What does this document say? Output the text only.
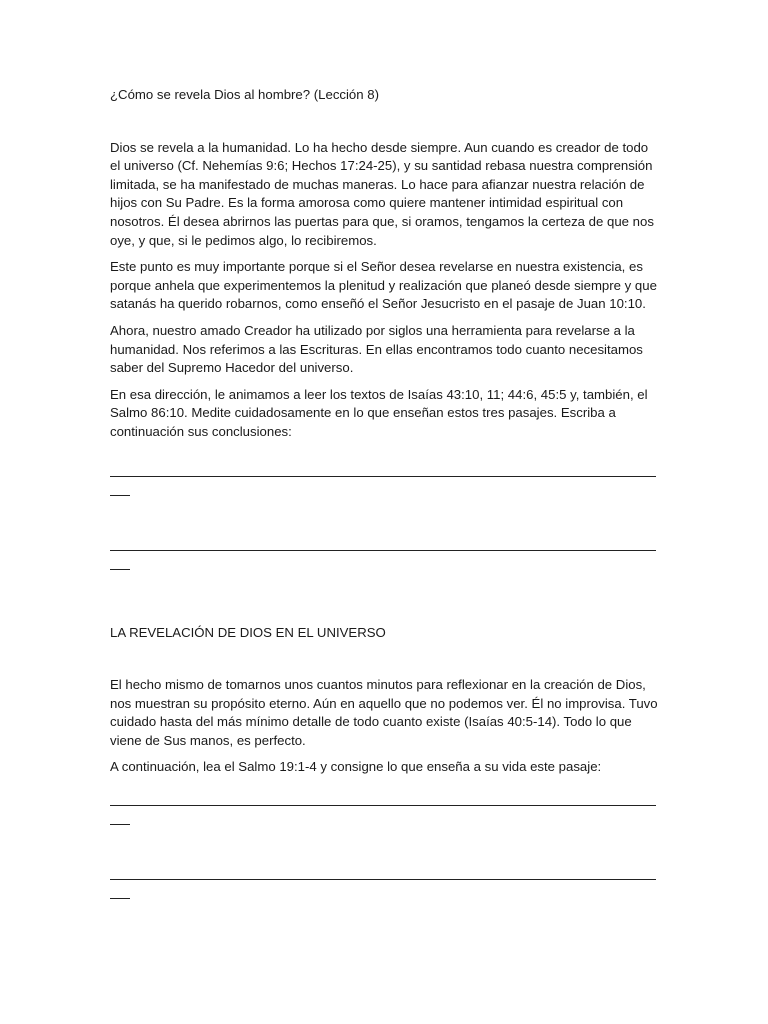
¿Cómo se revela Dios al hombre? (Lección 8)

Dios se revela a la humanidad. Lo ha hecho desde siempre. Aun cuando es creador de todo el universo (Cf. Nehemías 9:6; Hechos 17:24-25), y su santidad rebasa nuestra comprensión limitada, se ha manifestado de muchas maneras. Lo hace para afianzar nuestra relación de hijos con Su Padre. Es la forma amorosa como quiere mantener intimidad espiritual con nosotros. Él desea abrirnos las puertas para que, si oramos, tengamos la certeza de que nos oye, y que, si le pedimos algo, lo recibiremos.

Este punto es muy importante porque si el Señor desea revelarse en nuestra existencia, es porque anhela que experimentemos la plenitud y realización que planeó desde siempre y que satanás ha querido robarnos, como enseñó el Señor Jesucristo en el pasaje de Juan 10:10.

Ahora, nuestro amado Creador ha utilizado por siglos una herramienta para revelarse a la humanidad. Nos referimos a las Escrituras. En ellas encontramos todo cuanto necesitamos saber del Supremo Hacedor del universo.

En esa dirección, le animamos a leer los textos de Isaías 43:10, 11; 44:6, 45:5 y, también, el Salmo 86:10. Medite cuidadosamente en lo que enseñan estos tres pasajes. Escriba a continuación sus conclusiones:

LA REVELACIÓN DE DIOS EN EL UNIVERSO

El hecho mismo de tomarnos unos cuantos minutos para reflexionar en la creación de Dios, nos muestran su propósito eterno. Aún en aquello que no podemos ver. Él no improvisa. Tuvo cuidado hasta del más mínimo detalle de todo cuanto existe (Isaías 40:5-14). Todo lo que viene de Sus manos, es perfecto.

A continuación, lea el Salmo 19:1-4 y consigne lo que enseña a su vida este pasaje:
